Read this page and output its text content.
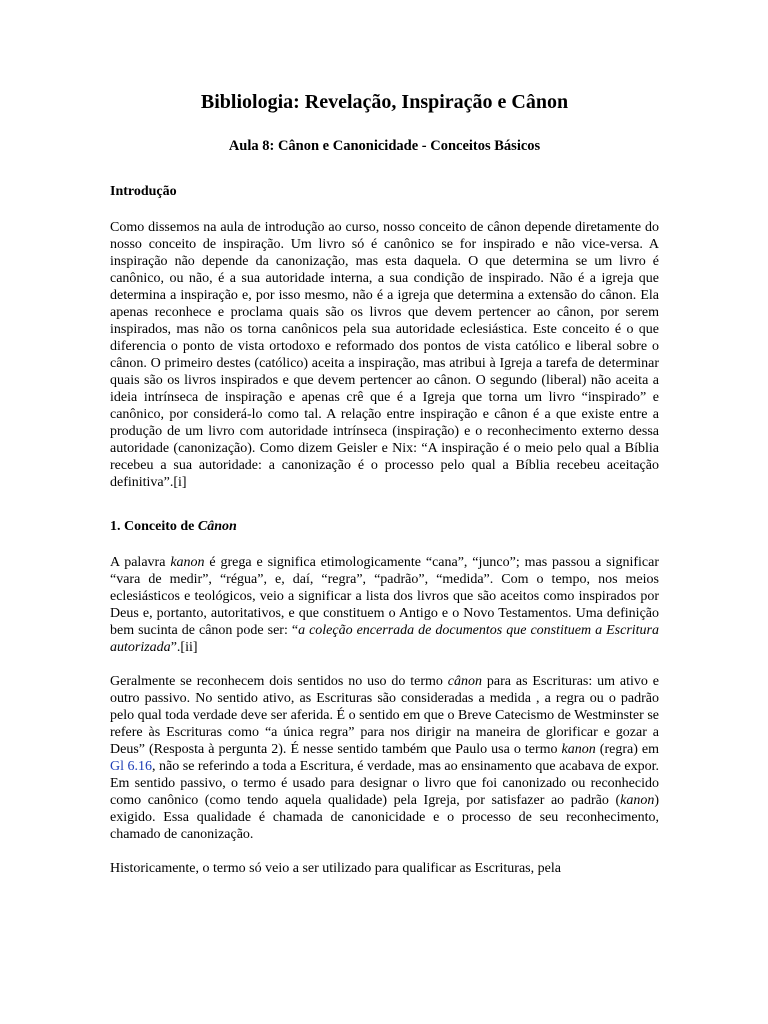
Bibliologia: Revelação, Inspiração e Cânon
Aula 8: Cânon e Canonicidade - Conceitos Básicos
Introdução

Como dissemos na aula de introdução ao curso, nosso conceito de cânon depende diretamente do nosso conceito de inspiração. Um livro só é canônico se for inspirado e não vice-versa. A inspiração não depende da canonização, mas esta daquela. O que determina se um livro é canônico, ou não, é a sua autoridade interna, a sua condição de inspirado. Não é a igreja que determina a inspiração e, por isso mesmo, não é a igreja que determina a extensão do cânon. Ela apenas reconhece e proclama quais são os livros que devem pertencer ao cânon, por serem inspirados, mas não os torna canônicos pela sua autoridade eclesiástica. Este conceito é o que diferencia o ponto de vista ortodoxo e reformado dos pontos de vista católico e liberal sobre o cânon. O primeiro destes (católico) aceita a inspiração, mas atribui à Igreja a tarefa de determinar quais são os livros inspirados e que devem pertencer ao cânon. O segundo (liberal) não aceita a ideia intrínseca de inspiração e apenas crê que é a Igreja que torna um livro “inspirado” e canônico, por considerá-lo como tal. A relação entre inspiração e cânon é a que existe entre a produção de um livro com autoridade intrínseca (inspiração) e o reconhecimento externo dessa autoridade (canonização). Como dizem Geisler e Nix: “A inspiração é o meio pelo qual a Bíblia recebeu a sua autoridade: a canonização é o processo pelo qual a Bíblia recebeu aceitação definitiva”.[i]

1. Conceito de Cânon

A palavra kanon é grega e significa etimologicamente “cana”, “junco”; mas passou a significar “vara de medir”, “régua”, e, daí, “regra”, “padrão”, “medida”. Com o tempo, nos meios eclesiásticos e teológicos, veio a significar a lista dos livros que são aceitos como inspirados por Deus e, portanto, autoritativos, e que constituem o Antigo e o Novo Testamentos. Uma definição bem sucinta de cânon pode ser: “a coleção encerrada de documentos que constituem a Escritura autorizada”.[ii]

Geralmente se reconhecem dois sentidos no uso do termo cânon para as Escrituras: um ativo e outro passivo. No sentido ativo, as Escrituras são consideradas a medida , a regra ou o padrão pelo qual toda verdade deve ser aferida. É o sentido em que o Breve Catecismo de Westminster se refere às Escrituras como “a única regra” para nos dirigir na maneira de glorificar e gozar a Deus” (Resposta à pergunta 2). É nesse sentido também que Paulo usa o termo kanon (regra) em Gl 6.16, não se referindo a toda a Escritura, é verdade, mas ao ensinamento que acabava de expor. Em sentido passivo, o termo é usado para designar o livro que foi canonizado ou reconhecido como canônico (como tendo aquela qualidade) pela Igreja, por satisfazer ao padrão (kanon) exigido. Essa qualidade é chamada de canonicidade e o processo de seu reconhecimento, chamado de canonização.

Historicamente, o termo só veio a ser utilizado para qualificar as Escrituras, pela
